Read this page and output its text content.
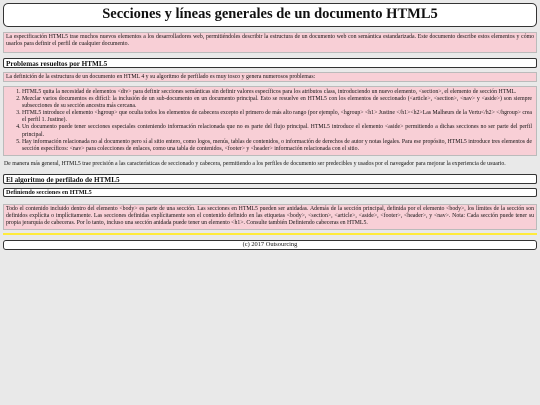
Secciones y líneas generales de un documento HTML5
La especificación HTML5 trae muchos nuevos elementos a los desarrolladores web, permitiéndoles describir la estructura de un documento web con semántica estandarizada. Este documento describe estos elementos y cómo usarlos para definir el perfil de cualquier documento.
Problemas resueltos por HTML5
La definición de la estructura de un documento en HTML 4 y su algoritmo de perfilado es muy tosco y genera numerosos problemas:
1. HTML5 quita la necesidad de elementos <div> para definir secciones semánticas sin definir valores específicos para los atributos class, introduciendo un nuevo elemento, <section>, el elemento de sección HTML.
2. Mezclar varios documentos es difícil: la inclusión de un sub-documento en un documento principal. Esto se resuelve en HTML5 con los elementos de seccionado (<article>, <section>, <nav> y <aside>) son siempre subsecciones de su sección ancestra más cercana.
3. HTML5 introduce el elemento <hgroup> que oculta todos los elementos de cabecera excepto el primero de más alto rango (por ejemplo, <hgroup> <h1> Justine </h1><h2>Las Malheurs de la Vertu</h2> </hgroup> crea el perfil 1. Justine).
4. Un documento puede tener secciones especiales conteniendo información relacionada que no es parte del flujo principal. HTML5 introduce el elemento <aside> permitiendo a dichas secciones no ser parte del perfil principal.
5. Hay información relacionada no al documento pero sí al sitio entero, como logos, menús, tablas de contenidos, o información de derechos de autor y notas legales. Para ese propósito, HTML5 introduce tres elementos de sección específicos: <nav> para colecciones de enlaces, como una tabla de contenidos, <footer> y <header> información relacionada con el sitio.
De manera más general, HTML5 trae precisión a las características de seccionado y cabecera, permitiendo a los perfiles de documento ser predecibles y usados por el navegador para mejorar la experiencia de usuario.
El algoritmo de perfilado de HTML5
Definiendo secciones en HTML5
Todo el contenido incluido dentro del elemento <body> es parte de una sección. Las secciones en HTML5 pueden ser anidadas. Además de la sección principal, definida por el elemento <body>, los límites de la sección son definidos explícita o implícitamente. Las secciones definidas explícitamente son el contenido definido en las etiquetas <body>, <section>, <article>, <aside>, <footer>, <header>, y <nav>. Nota: Cada sección puede tener su propia jerarquía de cabeceras. Por lo tanto, incluso una sección anidada puede tener un elemento <h1>. Consulte también Definiendo cabeceras en HTML5.
(c) 2017 Outsourcing
